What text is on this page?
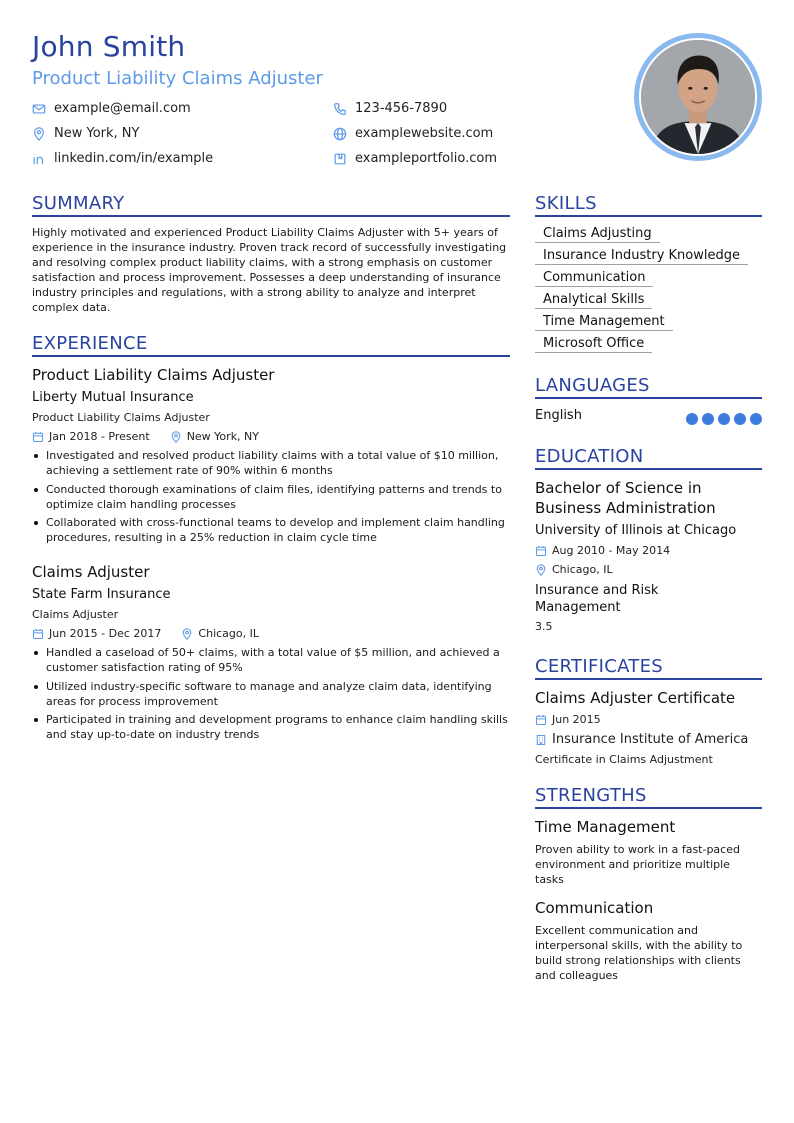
John Smith
Product Liability Claims Adjuster
example@email.com	123-456-7890
New York, NY	examplewebsite.com
linkedin.com/in/example	exampleportfolio.com
SUMMARY
Highly motivated and experienced Product Liability Claims Adjuster with 5+ years of experience in the insurance industry. Proven track record of successfully investigating and resolving complex product liability claims, with a strong emphasis on customer satisfaction and process improvement. Possesses a deep understanding of insurance industry principles and regulations, with a strong ability to analyze and interpret complex data.
EXPERIENCE
Product Liability Claims Adjuster
Liberty Mutual Insurance
Product Liability Claims Adjuster
Jan 2018 - Present	New York, NY
Investigated and resolved product liability claims with a total value of $10 million, achieving a settlement rate of 90% within 6 months
Conducted thorough examinations of claim files, identifying patterns and trends to optimize claim handling processes
Collaborated with cross-functional teams to develop and implement claim handling procedures, resulting in a 25% reduction in claim cycle time
Claims Adjuster
State Farm Insurance
Claims Adjuster
Jun 2015 - Dec 2017	Chicago, IL
Handled a caseload of 50+ claims, with a total value of $5 million, and achieved a customer satisfaction rating of 95%
Utilized industry-specific software to manage and analyze claim data, identifying areas for process improvement
Participated in training and development programs to enhance claim handling skills and stay up-to-date on industry trends
SKILLS
Claims Adjusting
Insurance Industry Knowledge
Communication
Analytical Skills
Time Management
Microsoft Office
LANGUAGES
English
EDUCATION
Bachelor of Science in Business Administration
University of Illinois at Chicago
Aug 2010 - May 2014
Chicago, IL
Insurance and Risk Management
3.5
CERTIFICATES
Claims Adjuster Certificate
Jun 2015
Insurance Institute of America
Certificate in Claims Adjustment
STRENGTHS
Time Management
Proven ability to work in a fast-paced environment and prioritize multiple tasks
Communication
Excellent communication and interpersonal skills, with the ability to build strong relationships with clients and colleagues
